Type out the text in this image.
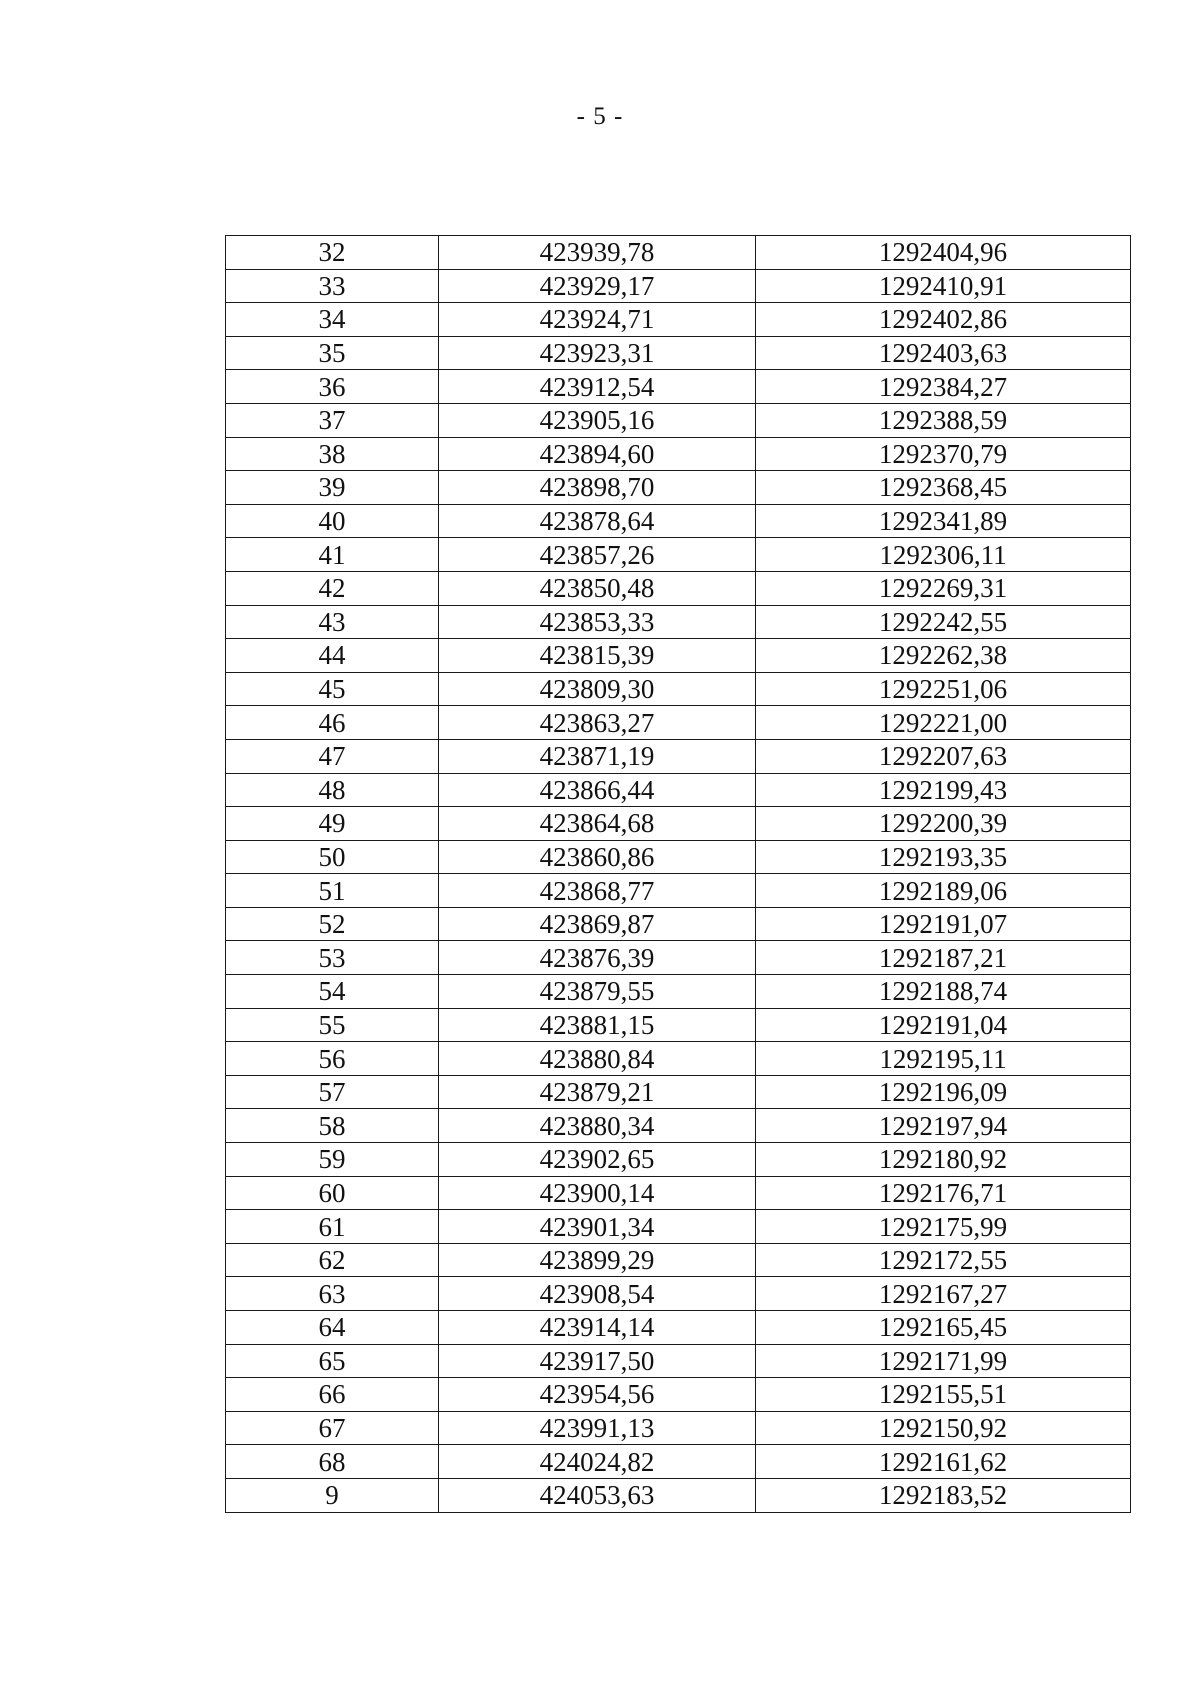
- 5 -
32	423939,78	1292404,96
33	423929,17	1292410,91
34	423924,71	1292402,86
35	423923,31	1292403,63
36	423912,54	1292384,27
37	423905,16	1292388,59
38	423894,60	1292370,79
39	423898,70	1292368,45
40	423878,64	1292341,89
41	423857,26	1292306,11
42	423850,48	1292269,31
43	423853,33	1292242,55
44	423815,39	1292262,38
45	423809,30	1292251,06
46	423863,27	1292221,00
47	423871,19	1292207,63
48	423866,44	1292199,43
49	423864,68	1292200,39
50	423860,86	1292193,35
51	423868,77	1292189,06
52	423869,87	1292191,07
53	423876,39	1292187,21
54	423879,55	1292188,74
55	423881,15	1292191,04
56	423880,84	1292195,11
57	423879,21	1292196,09
58	423880,34	1292197,94
59	423902,65	1292180,92
60	423900,14	1292176,71
61	423901,34	1292175,99
62	423899,29	1292172,55
63	423908,54	1292167,27
64	423914,14	1292165,45
65	423917,50	1292171,99
66	423954,56	1292155,51
67	423991,13	1292150,92
68	424024,82	1292161,62
9	424053,63	1292183,52
